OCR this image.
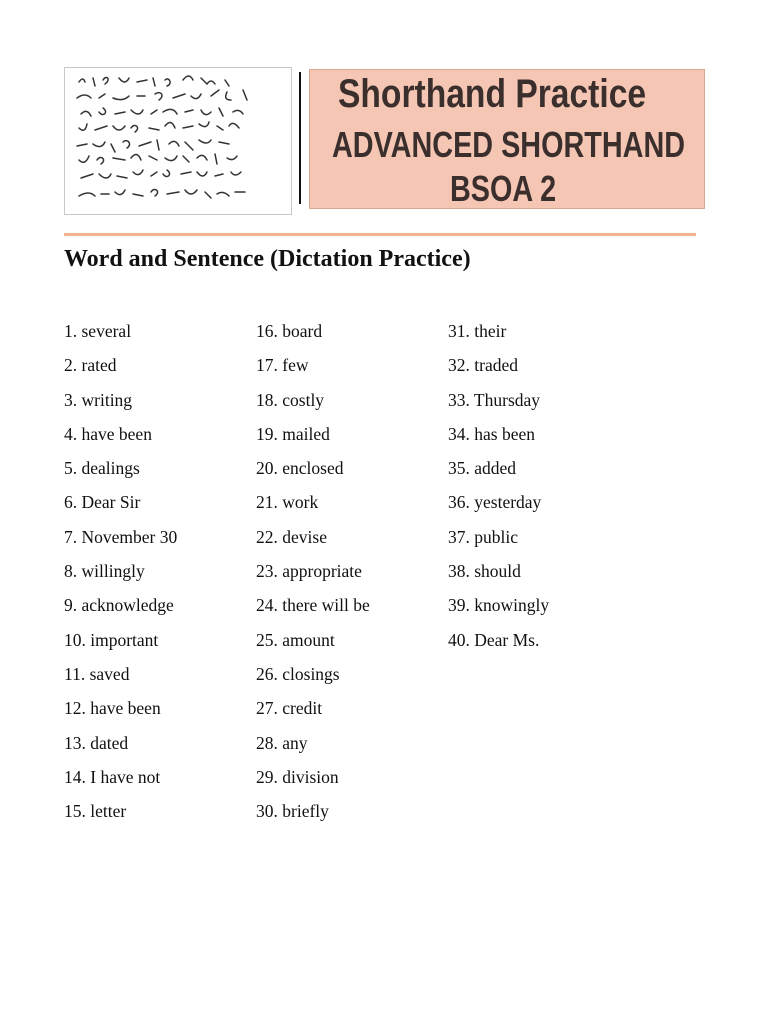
Shorthand Practice
ADVANCED SHORTHAND
BSOA 2
Word and Sentence (Dictation Practice)
1. several
2. rated
3. writing
4. have been
5. dealings
6. Dear Sir
7. November 30
8. willingly
9. acknowledge
10. important
11. saved
12. have been
13. dated
14. I have not
15. letter
16. board
17. few
18. costly
19. mailed
20. enclosed
21. work
22. devise
23. appropriate
24. there will be
25. amount
26. closings
27. credit
28. any
29. division
30. briefly
31. their
32. traded
33. Thursday
34. has been
35. added
36. yesterday
37. public
38. should
39. knowingly
40. Dear Ms.
